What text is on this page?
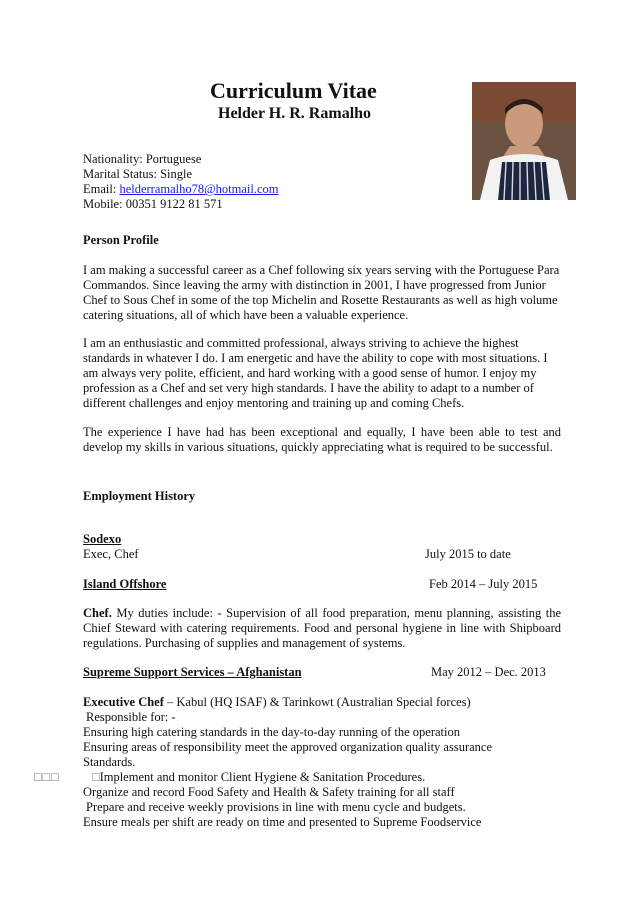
Curriculum Vitae
Helder H. R. Ramalho
Nationality: Portuguese
Marital Status: Single
Email: helderramalho78@hotmail.com
Mobile: 00351 9122 81 571
Person Profile
I am making a successful career as a Chef following six years serving with the Portuguese Para Commandos. Since leaving the army with distinction in 2001, I have progressed from Junior Chef to Sous Chef in some of the top Michelin and Rosette Restaurants as well as high volume catering situations, all of which have been a valuable experience.
I am an enthusiastic and committed professional, always striving to achieve the highest standards in whatever I do. I am energetic and have the ability to cope with most situations. I am always very polite, efficient, and hard working with a good sense of humor. I enjoy my profession as a Chef and set very high standards. I have the ability to adapt to a number of different challenges and enjoy mentoring and training up and coming Chefs.
The experience I have had has been exceptional and equally, I have been able to test and develop my skills in various situations, quickly appreciating what is required to be successful.
Employment History
Sodexo
Exec, Chef	July 2015 to date
Island Offshore	Feb 2014 – July 2015
Chef. My duties include: - Supervision of all food preparation, menu planning, assisting the Chief Steward with catering requirements. Food and personal hygiene in line with Shipboard regulations. Purchasing of supplies and management of systems.
Supreme Support Services – Afghanistan	May 2012 – Dec. 2013
Executive Chef – Kabul (HQ ISAF) & Tarinkowt (Australian Special forces)
Responsible for: -
Ensuring high catering standards in the day-to-day running of the operation
Ensuring areas of responsibility meet the approved organization quality assurance
Standards.
□□□	□Implement and monitor Client Hygiene & Sanitation Procedures.
Organize and record Food Safety and Health & Safety training for all staff
Prepare and receive weekly provisions in line with menu cycle and budgets.
Ensure meals per shift are ready on time and presented to Supreme Foodservice
